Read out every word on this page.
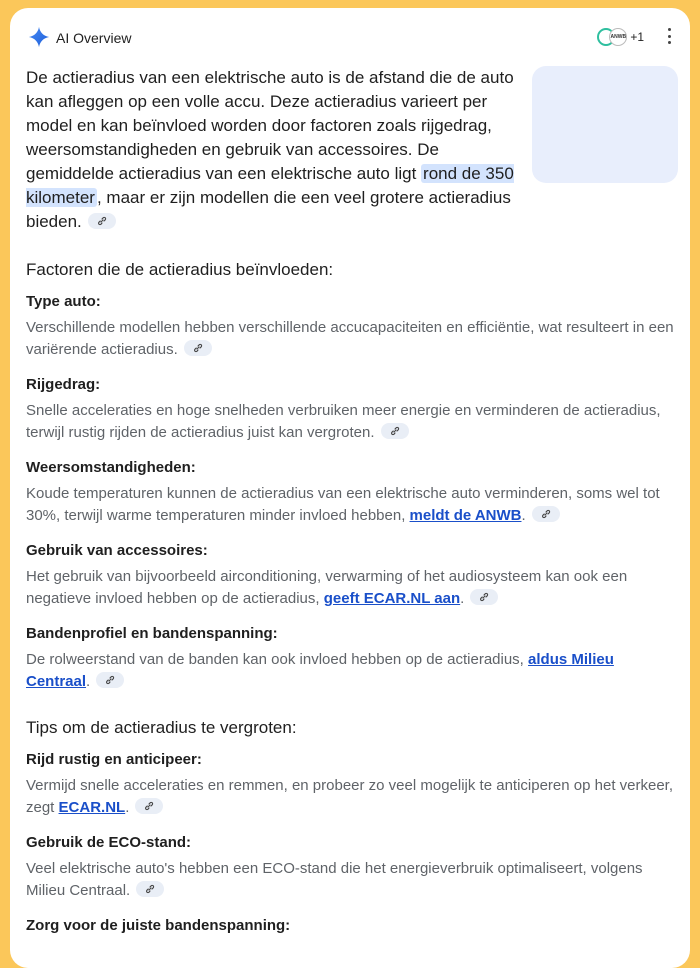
AI Overview	ANWB +1

De actieradius van een elektrische auto is de afstand die de auto kan afleggen op een volle accu. Deze actieradius varieert per model en kan beïnvloed worden door factoren zoals rijgedrag, weersomstandigheden en gebruik van accessoires. De gemiddelde actieradius van een elektrische auto ligt rond de 350 kilometer , maar er zijn modellen die een veel grotere actieradius bieden.

Factoren die de actieradius beïnvloeden:
Type auto:
Verschillende modellen hebben verschillende accucapaciteiten en efficiëntie, wat resulteert in een variërende actieradius.
Rijgedrag:
Snelle acceleraties en hoge snelheden verbruiken meer energie en verminderen de actieradius, terwijl rustig rijden de actieradius juist kan vergroten.
Weersomstandigheden:
Koude temperaturen kunnen de actieradius van een elektrische auto verminderen, soms wel tot 30%, terwijl warme temperaturen minder invloed hebben, meldt de ANWB.
Gebruik van accessoires:
Het gebruik van bijvoorbeeld airconditioning, verwarming of het audiosysteem kan ook een negatieve invloed hebben op de actieradius, geeft ECAR.NL aan.
Bandenprofiel en bandenspanning:
De rolweerstand van de banden kan ook invloed hebben op de actieradius, aldus Milieu Centraal.
Tips om de actieradius te vergroten:
Rijd rustig en anticipeer:
Vermijd snelle acceleraties en remmen, en probeer zo veel mogelijk te anticiperen op het verkeer, zegt ECAR.NL.
Gebruik de ECO-stand:
Veel elektrische auto's hebben een ECO-stand die het energieverbruik optimaliseert, volgens Milieu Centraal.
Zorg voor de juiste bandenspanning:
